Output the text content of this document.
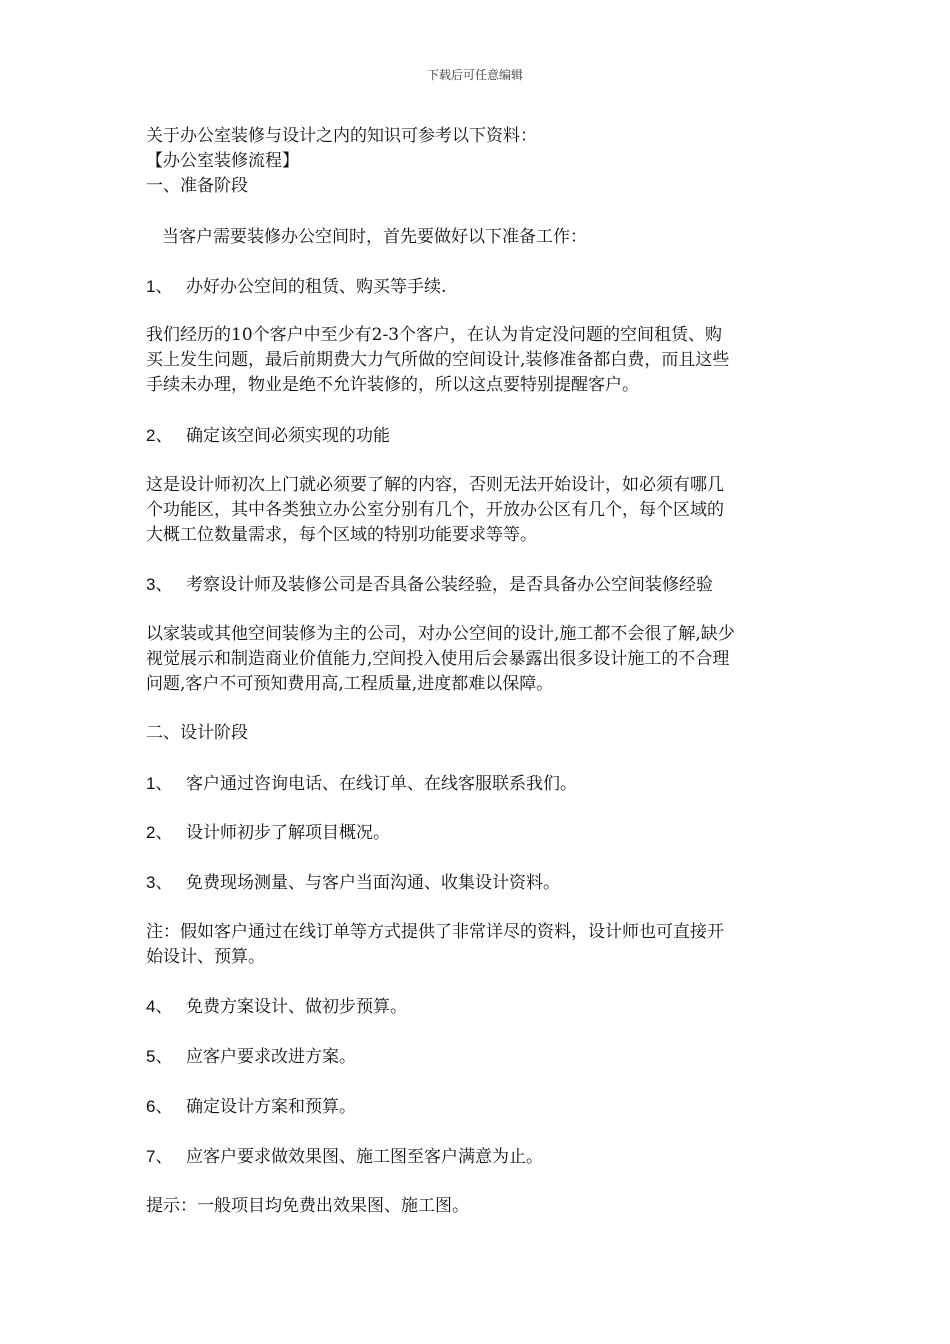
下载后可任意编辑
关于办公室装修与设计之内的知识可参考以下资料：
【办公室装修流程】
一、准备阶段
当客户需要装修办公空间时，首先要做好以下准备工作：
1、 办好办公空间的租赁、购买等手续.
我们经历的10个客户中至少有2-3个客户，在认为肯定没问题的空间租赁、购
买上发生问题，最后前期费大力气所做的空间设计,装修准备都白费，而且这些
手续未办理，物业是绝不允许装修的，所以这点要特别提醒客户。
2、 确定该空间必须实现的功能
这是设计师初次上门就必须要了解的内容，否则无法开始设计，如必须有哪几
个功能区，其中各类独立办公室分别有几个，开放办公区有几个，每个区域的
大概工位数量需求，每个区域的特别功能要求等等。
3、 考察设计师及装修公司是否具备公装经验，是否具备办公空间装修经验
以家装或其他空间装修为主的公司，对办公空间的设计,施工都不会很了解,缺少
视觉展示和制造商业价值能力,空间投入使用后会暴露出很多设计施工的不合理
问题,客户不可预知费用高,工程质量,进度都难以保障。
二、设计阶段
1、 客户通过咨询电话、在线订单、在线客服联系我们。
2、 设计师初步了解项目概况。
3、 免费现场测量、与客户当面沟通、收集设计资料。
注：假如客户通过在线订单等方式提供了非常详尽的资料，设计师也可直接开
始设计、预算。
4、 免费方案设计、做初步预算。
5、 应客户要求改进方案。
6、 确定设计方案和预算。
7、 应客户要求做效果图、施工图至客户满意为止。
提示：一般项目均免费出效果图、施工图。
